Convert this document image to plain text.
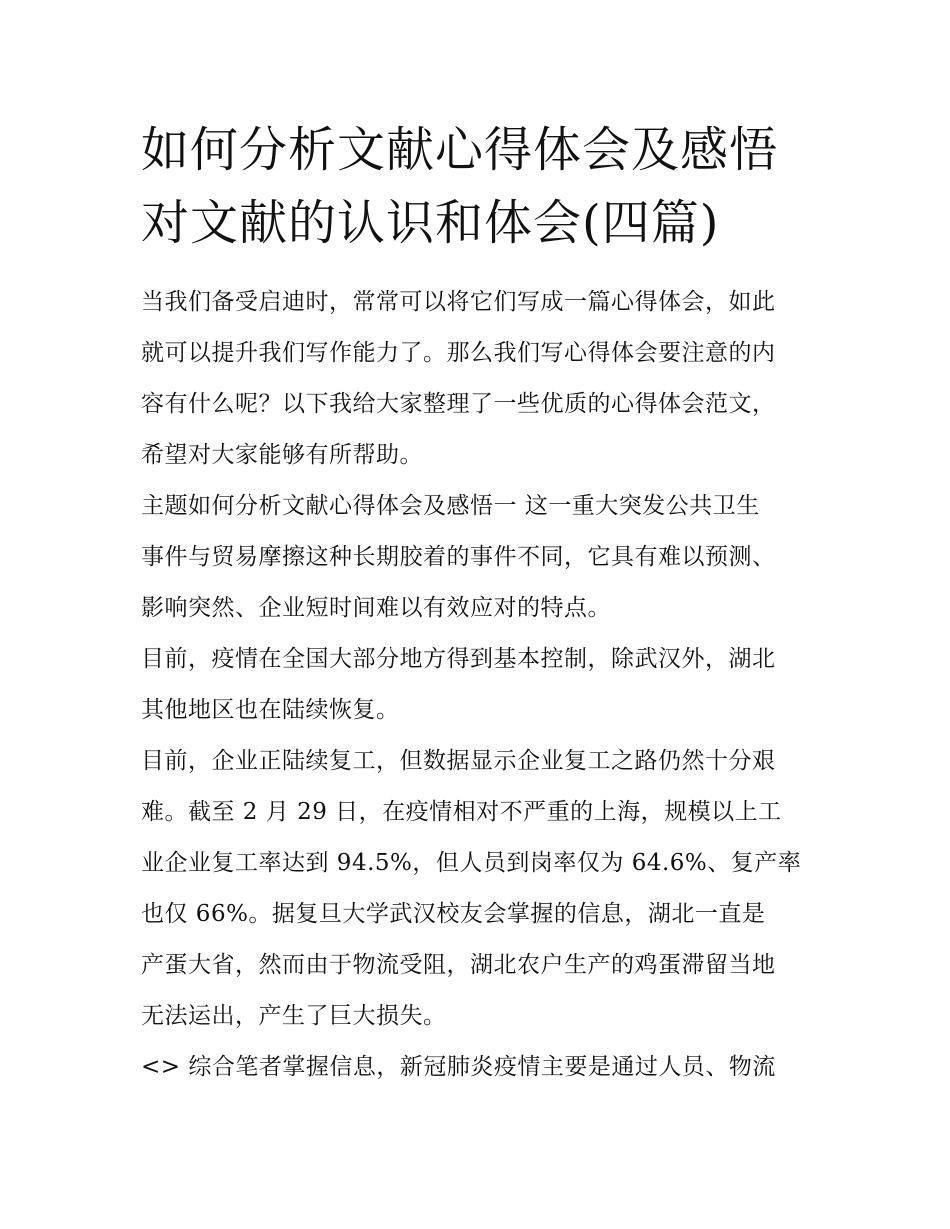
如何分析文献心得体会及感悟
对文献的认识和体会(四篇)

当我们备受启迪时，常常可以将它们写成一篇心得体会，如此
就可以提升我们写作能力了。那么我们写心得体会要注意的内
容有什么呢？以下我给大家整理了一些优质的心得体会范文，
希望对大家能够有所帮助。

主题如何分析文献心得体会及感悟一 这一重大突发公共卫生
事件与贸易摩擦这种长期胶着的事件不同，它具有难以预测、
影响突然、企业短时间难以有效应对的特点。

目前，疫情在全国大部分地方得到基本控制，除武汉外，湖北
其他地区也在陆续恢复。

目前，企业正陆续复工，但数据显示企业复工之路仍然十分艰
难。截至 2 月 29 日，在疫情相对不严重的上海，规模以上工
业企业复工率达到 94.5%，但人员到岗率仅为 64.6%、复产率
也仅 66%。据复旦大学武汉校友会掌握的信息，湖北一直是
产蛋大省，然而由于物流受阻，湖北农户生产的鸡蛋滞留当地
无法运出，产生了巨大损失。

<> 综合笔者掌握信息，新冠肺炎疫情主要是通过人员、物流
